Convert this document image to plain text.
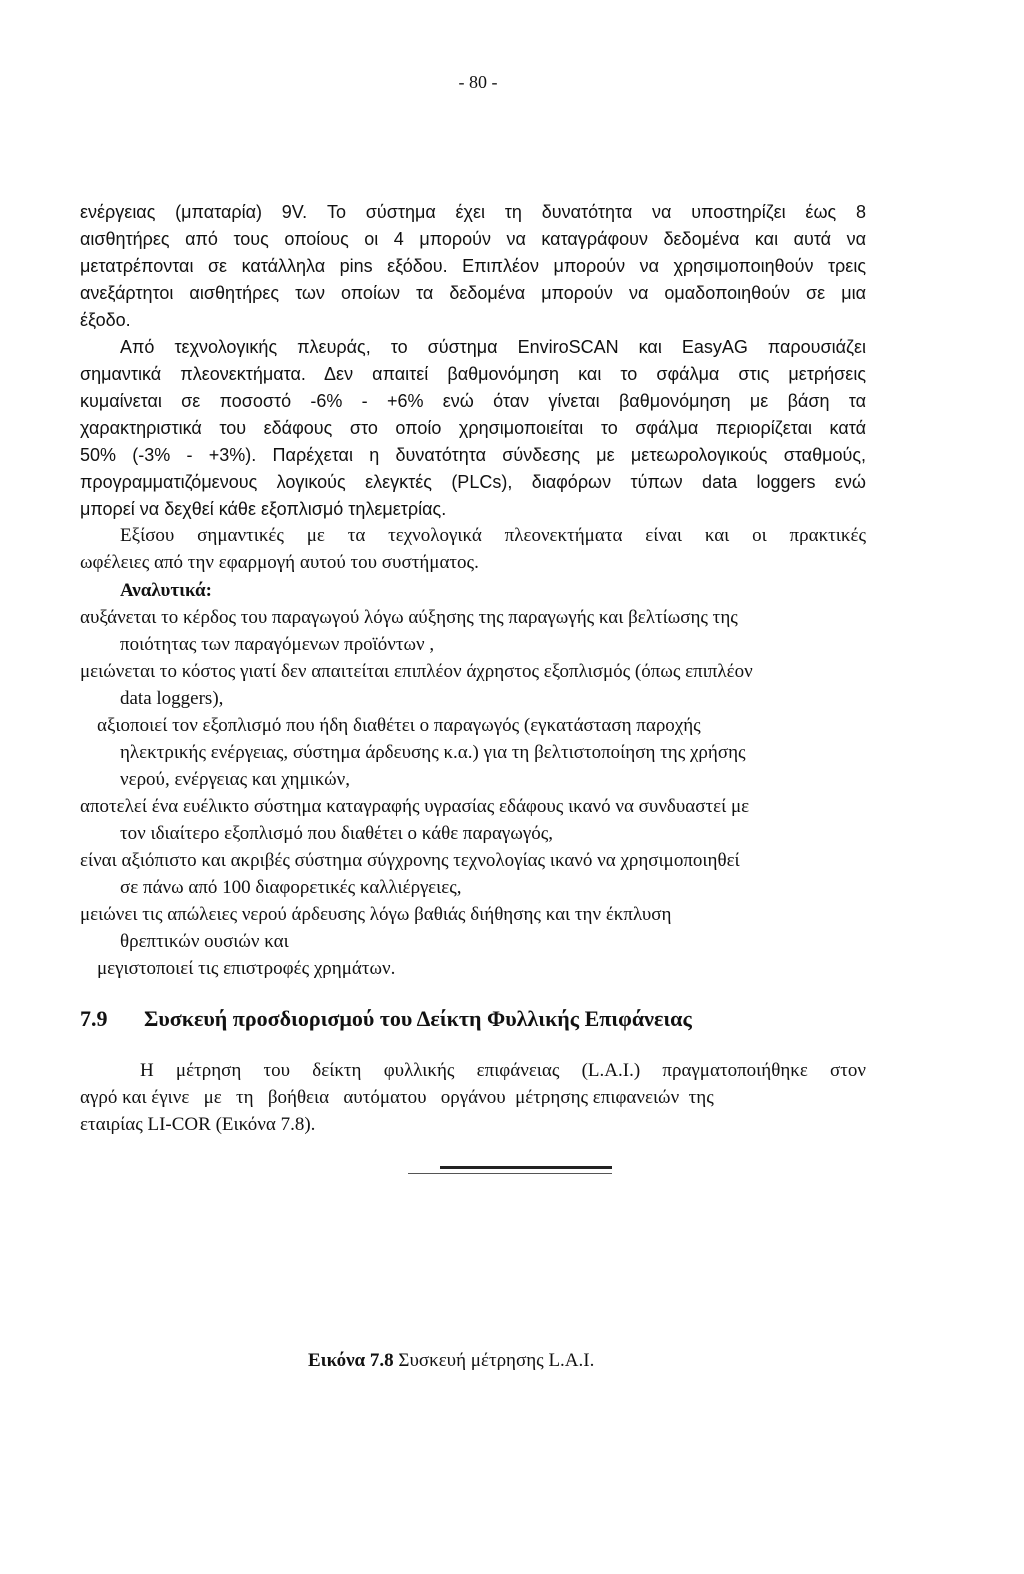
- 80 -
ενέργειας (μπαταρία) 9V. Το σύστημα έχει τη δυνατότητα να υποστηρίζει έως 8
αισθητήρες από τους οποίους οι 4 μπορούν να καταγράφουν δεδομένα και αυτά να
μετατρέπονται σε κατάλληλα pins εξόδου. Επιπλέον μπορούν να χρησιμοποιηθούν τρεις
ανεξάρτητοι αισθητήρες των οποίων τα δεδομένα μπορούν να ομαδοποιηθούν σε μια
έξοδο.
Από τεχνολογικής πλευράς, το σύστημα EnviroSCAN και EasyAG παρουσιάζει
σημαντικά πλεονεκτήματα. Δεν απαιτεί βαθμονόμηση και το σφάλμα στις μετρήσεις
κυμαίνεται σε ποσοστό -6% - +6% ενώ όταν γίνεται βαθμονόμηση με βάση τα
χαρακτηριστικά του εδάφους στο οποίο χρησιμοποιείται το σφάλμα περιορίζεται κατά
50% (-3% - +3%). Παρέχεται η δυνατότητα σύνδεσης με μετεωρολογικούς σταθμούς,
προγραμματιζόμενους λογικούς ελεγκτές (PLCs), διαφόρων τύπων data loggers ενώ
μπορεί να δεχθεί κάθε εξοπλισμό τηλεμετρίας.
Εξίσου σημαντικές με τα τεχνολογικά πλεονεκτήματα είναι και οι πρακτικές
ωφέλειες από την εφαρμογή αυτού του συστήματος.
Αναλυτικά:
αυξάνεται το κέρδος του παραγωγού λόγω αύξησης της παραγωγής και βελτίωσης της
ποιότητας των παραγόμενων προϊόντων ,
μειώνεται το κόστος γιατί δεν απαιτείται επιπλέον άχρηστος εξοπλισμός (όπως επιπλέον
data loggers),
αξιοποιεί τον εξοπλισμό που ήδη διαθέτει ο παραγωγός (εγκατάσταση παροχής
ηλεκτρικής ενέργειας, σύστημα άρδευσης κ.α.) για τη βελτιστοποίηση της χρήσης
νερού, ενέργειας και χημικών,
αποτελεί ένα ευέλικτο σύστημα καταγραφής υγρασίας εδάφους ικανό να συνδυαστεί με
τον ιδιαίτερο εξοπλισμό που διαθέτει ο κάθε παραγωγός,
είναι αξιόπιστο και ακριβές σύστημα σύγχρονης τεχνολογίας ικανό να χρησιμοποιηθεί
σε πάνω από 100 διαφορετικές καλλιέργειες,
μειώνει τις απώλειες νερού άρδευσης λόγω βαθιάς διήθησης και την έκπλυση
θρεπτικών ουσιών και
μεγιστοποιεί τις επιστροφές χρημάτων.
7.9 Συσκευή προσδιορισμού του Δείκτη Φυλλικής Επιφάνειας
Η μέτρηση του δείκτη φυλλικής επιφάνειας (L.A.I.) πραγματοποιήθηκε στον
αγρό και έγινε   με   τη   βοήθεια   αυτόματου   οργάνου  μέτρησης επιφανειών  της
εταιρίας LI-COR (Εικόνα 7.8).
Εικόνα 7.8 Συσκευή μέτρησης L.A.I.
